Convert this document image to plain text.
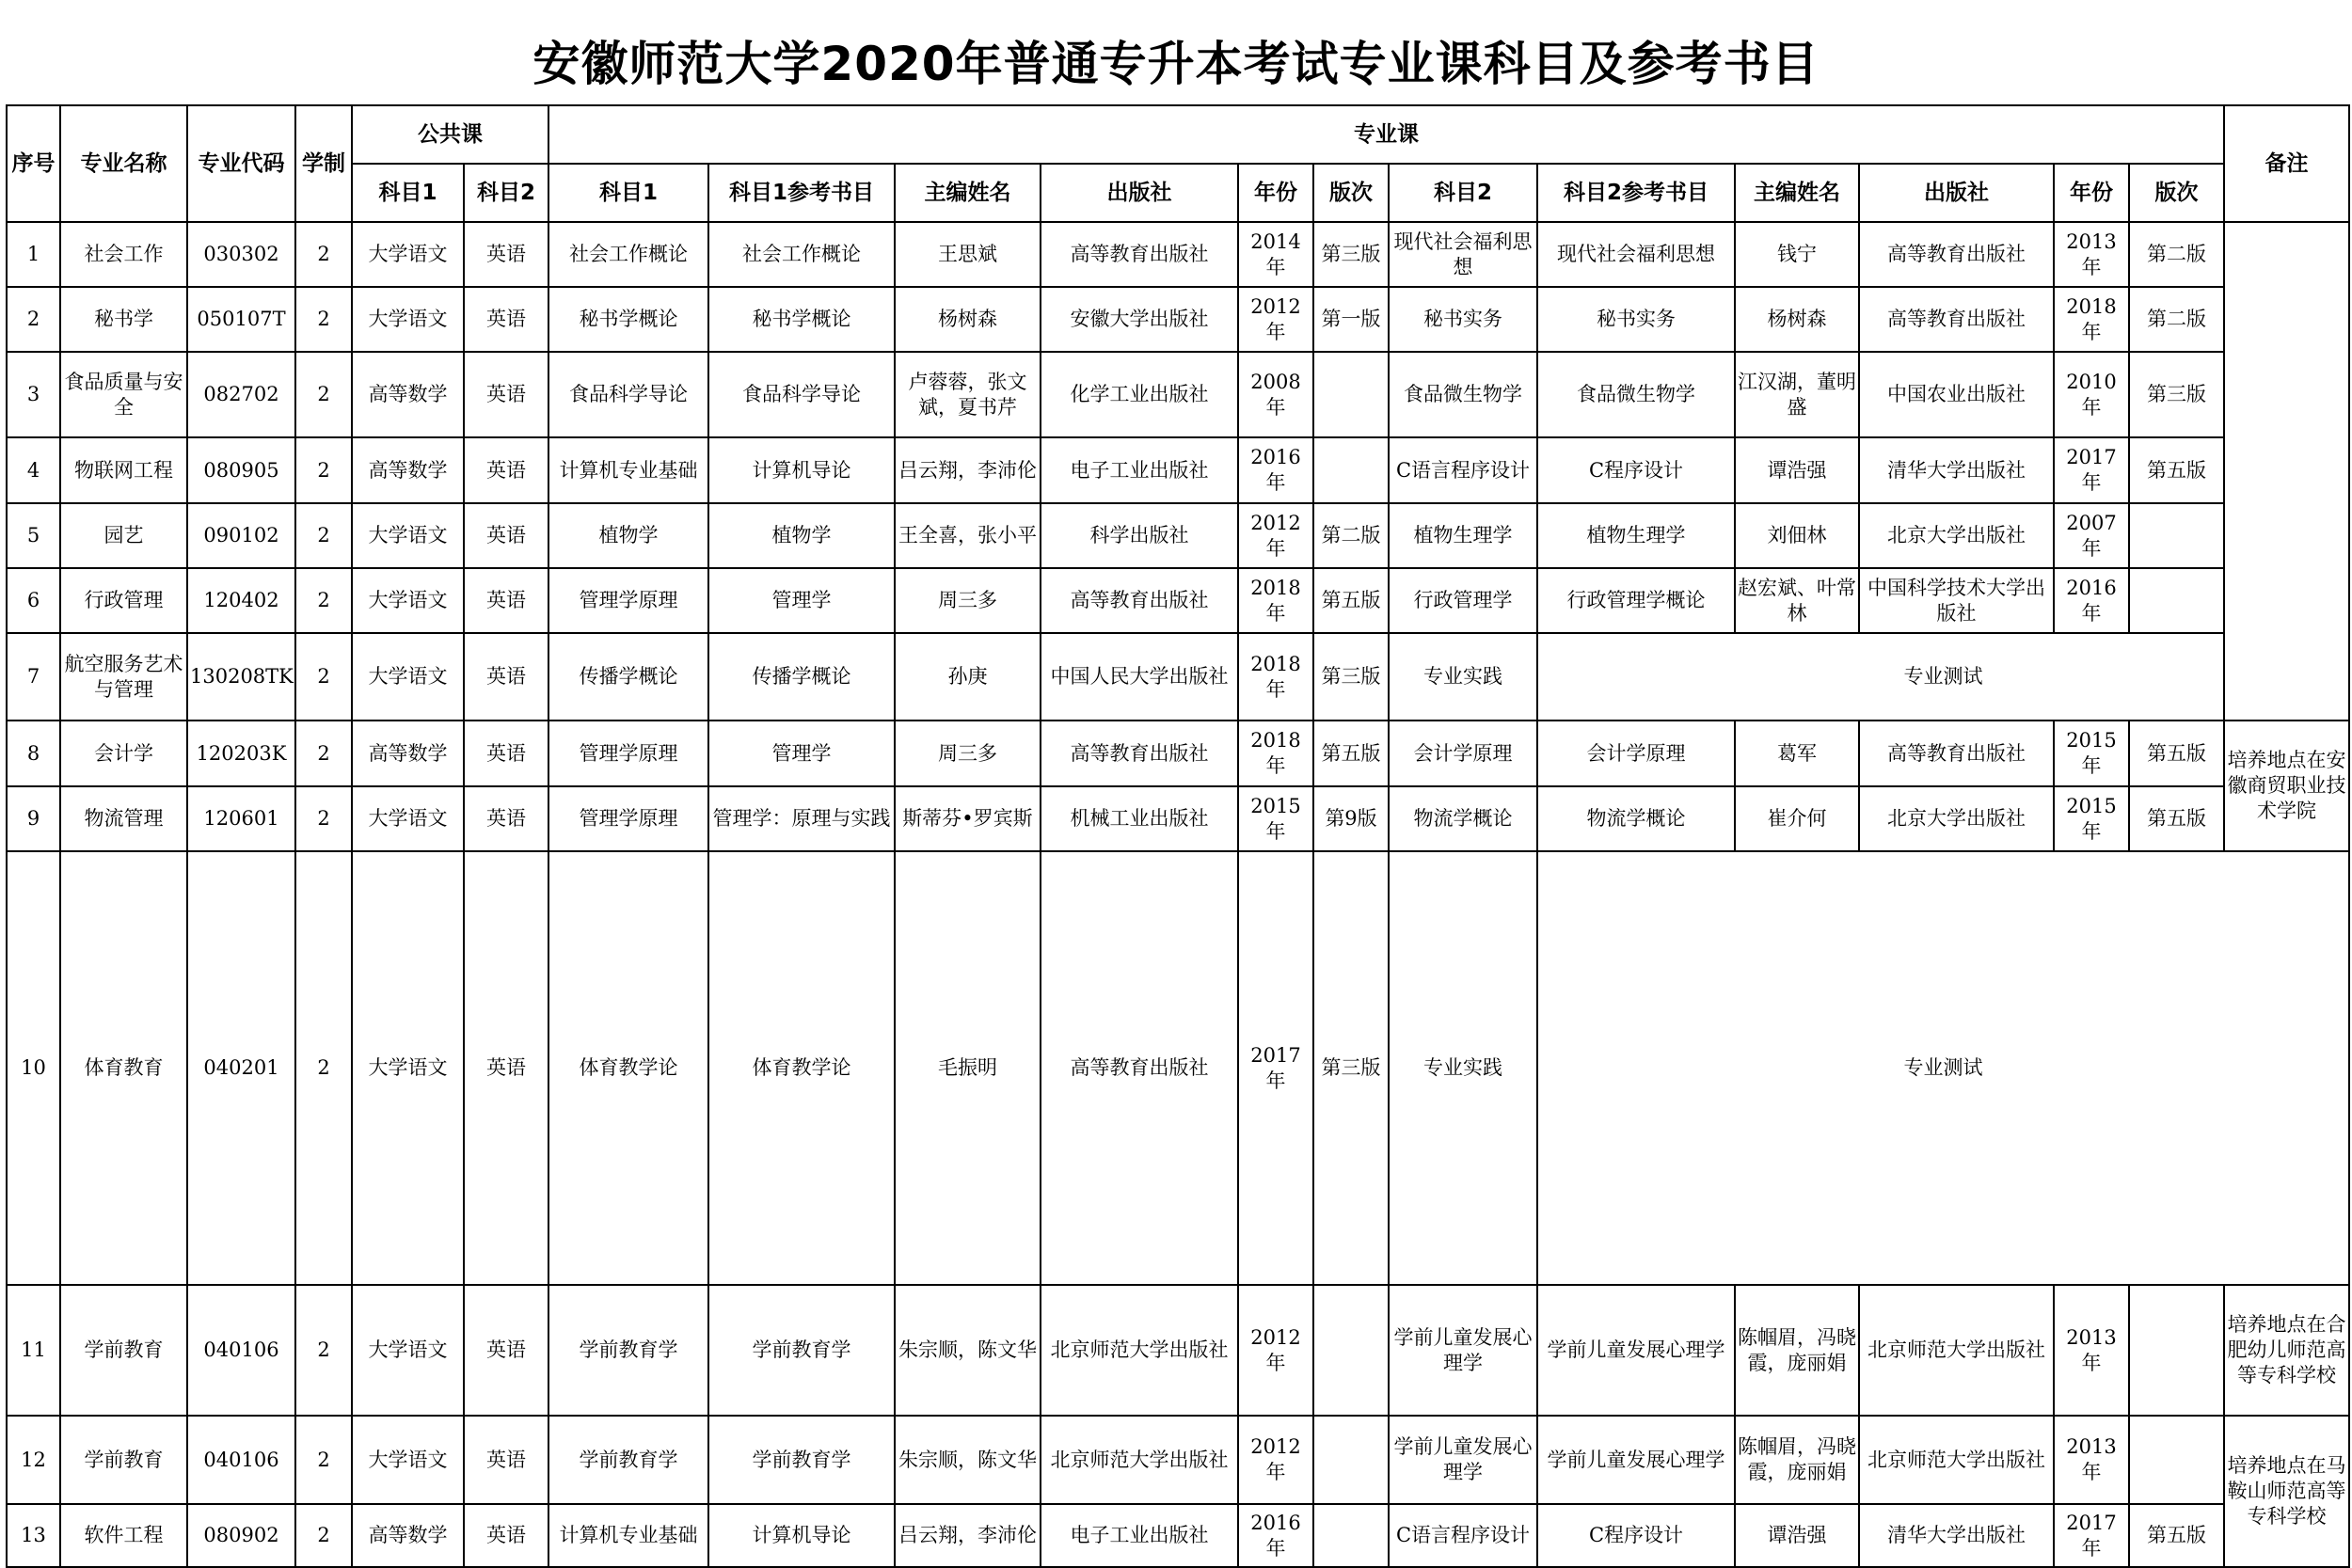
安徽师范大学2020年普通专升本考试专业课科目及参考书目
序号	专业名称	专业代码	学制	公共课		专业课												备注	
				科目1	科目2	科目1	科目1参考书目	主编姓名	出版社	年份	版次	科目2	科目2参考书目	主编姓名	出版社	年份	版次		
1	社会工作	030302	2	大学语文	英语	社会工作概论	社会工作概论	王思斌	高等教育出版社	2014年	第三版	现代社会福利思想	现代社会福利思想	钱宁	高等教育出版社	2013年	第二版		
2	秘书学	050107T	2	大学语文	英语	秘书学概论	秘书学概论	杨树森	安徽大学出版社	2012年	第一版	秘书实务	秘书实务	杨树森	高等教育出版社	2018年	第二版		
3	食品质量与安全	082702	2	高等数学	英语	食品科学导论	食品科学导论	卢蓉蓉，张文斌，夏书芹	化学工业出版社	2008年		食品微生物学	食品微生物学	江汉湖，董明盛	中国农业出版社	2010年	第三版		
4	物联网工程	080905	2	高等数学	英语	计算机专业基础	计算机导论	吕云翔，李沛伦	电子工业出版社	2016年		C语言程序设计	C程序设计	谭浩强	清华大学出版社	2017年	第五版		
5	园艺	090102	2	大学语文	英语	植物学	植物学	王全喜，张小平	科学出版社	2012年	第二版	植物生理学	植物生理学	刘佃林	北京大学出版社	2007年			
6	行政管理	120402	2	大学语文	英语	管理学原理	管理学	周三多	高等教育出版社	2018年	第五版	行政管理学	行政管理学概论	赵宏斌、叶常林	中国科学技术大学出版社	2016年			
7	航空服务艺术与管理	130208TK	2	大学语文	英语	传播学概论	传播学概论	孙庚	中国人民大学出版社	2018年	第三版	专业实践	专业测试						
8	会计学	120203K	2	高等数学	英语	管理学原理	管理学	周三多	高等教育出版社	2018年	第五版	会计学原理	会计学原理	葛军	高等教育出版社	2015年	第五版	培养地点在安徽商贸职业技术学院	
9	物流管理	120601	2	大学语文	英语	管理学原理	管理学：原理与实践	斯蒂芬•罗宾斯	机械工业出版社	2015年	第9版	物流学概论	物流学概论	崔介何	北京大学出版社	2015年	第五版		
10	体育教育	040201	2	大学语文	英语	体育教学论	体育教学论	毛振明	高等教育出版社	2017年	第三版	专业实践	专业测试	
11	学前教育	040106	2	大学语文	英语	学前教育学	学前教育学	朱宗顺，陈文华	北京师范大学出版社	2012年		学前儿童发展心理学	学前儿童发展心理学	陈帼眉，冯晓霞，庞丽娟	北京师范大学出版社	2013年		培养地点在合肥幼儿师范高等专科学校	
12	学前教育	040106	2	大学语文	英语	学前教育学	学前教育学	朱宗顺，陈文华	北京师范大学出版社	2012年		学前儿童发展心理学	学前儿童发展心理学	陈帼眉，冯晓霞，庞丽娟	北京师范大学出版社	2013年		培养地点在马鞍山师范高等专科学校	
13	软件工程	080902	2	高等数学	英语	计算机专业基础	计算机导论	吕云翔，李沛伦	电子工业出版社	2016年		C语言程序设计	C程序设计	谭浩强	清华大学出版社	2017年	第五版		
